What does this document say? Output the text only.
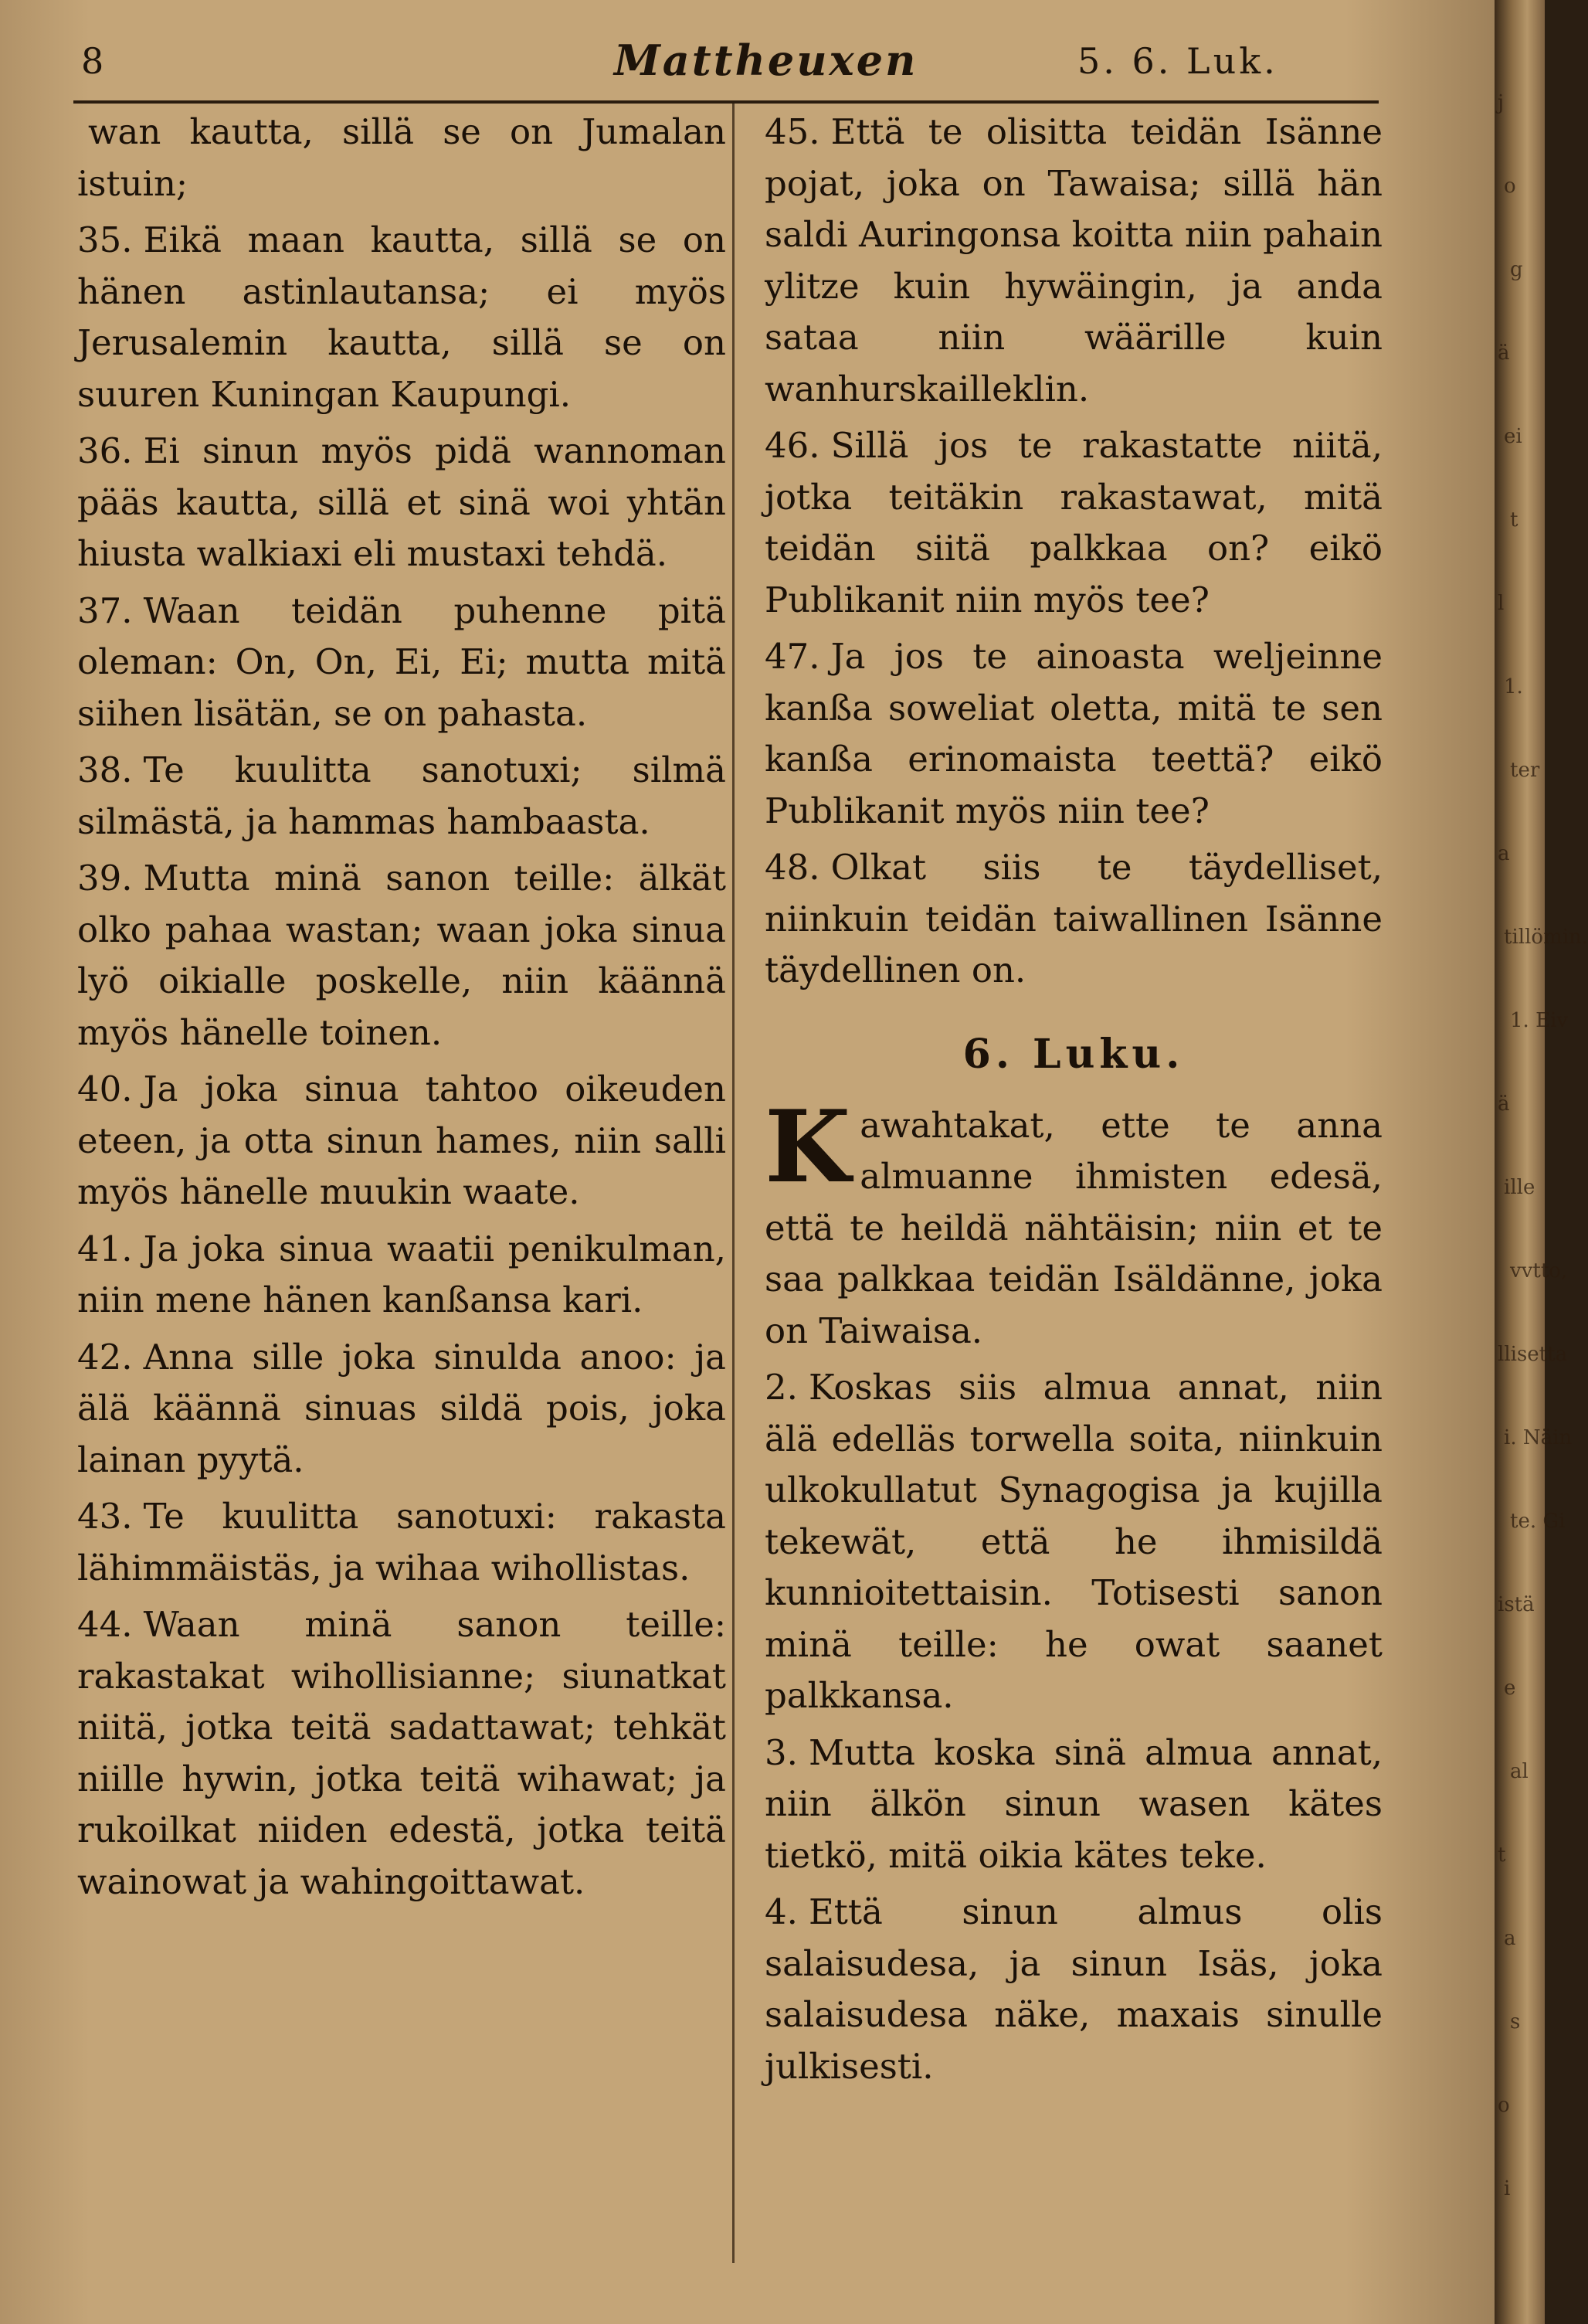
8	Mattheuxen	5. 6. Luk.

wan kautta, sillä se on Jumalan istuin;

35. Eikä maan kautta, sillä se on hänen astinlautansa; ei myös Jerusalemin kautta, sillä se on suuren Kuningan Kaupungi.

36. Ei sinun myös pidä wannoman pääs kautta, sillä et sinä woi yhtän hiusta walkiaxi eli mustaxi tehdä.

37. Waan teidän puhenne pitä oleman: On, On, Ei, Ei; mutta mitä siihen lisätän, se on pahasta.

38. Te kuulitta sanotuxi; silmä silmästä, ja hammas hambaasta.

39. Mutta minä sanon teille: älkät olko pahaa wastan; waan joka sinua lyö oikialle poskelle, niin käännä myös hänelle toinen.

40. Ja joka sinua tahtoo oikeuden eteen, ja otta sinun hames, niin salli myös hänelle muukin waate.

41. Ja joka sinua waatii penikulman, niin mene hänen kanßansa kari.

42. Anna sille joka sinulda anoo: ja älä käännä sinuas sildä pois, joka lainan pyytä.

43. Te kuulitta sanotuxi: rakasta lähimmäistäs, ja wihaa wihollistas.

44. Waan minä sanon teille: rakastakat wihollisianne; siunatkat niitä, jotka teitä sadattawat; tehkät niille hywin, jotka teitä wihawat; ja rukoilkat niiden edestä, jotka teitä wainowat ja wahingoittawat.

45. Että te olisitta teidän Isänne pojat, joka on Tawaisa; sillä hän saldi Auringonsa koitta niin pahain ylitze kuin hywäingin, ja anda sataa niin wäärille kuin wanhurskailleklin.

46. Sillä jos te rakastatte niitä, jotka teitäkin rakastawat, mitä teidän siitä palkkaa on? eikö Publikanit niin myös tee?

47. Ja jos te ainoasta weljeinne kanßa soweliat oletta, mitä te sen kanßa erinomaista teettä? eikö Publikanit myös niin tee?

48. Olkat siis te täydelliset, niinkuin teidän taiwallinen Isänne täydellinen on.

6. Luku.

Kawahtakat, ette te anna almuanne ihmisten edesä, että te heildä nähtäisin; niin et te saa palkkaa teidän Isäldänne, joka on Taiwaisa.

2. Koskas siis almua annat, niin älä edelläs torwella soita, niinkuin ulkokullatut Synagogisa ja kujilla tekewät, että he ihmisildä kunnioitettaisin. Totisesti sanon minä teille: he owat saanet palkkansa.

3. Mutta koska sinä almua annat, niin älkön sinun wasen kätes tietkö, mitä oikia kätes teke.

4. Että sinun almus olis salaisudesa, ja sinun Isäs, joka salaisudesa näke, maxais sinulle julkisesti.

j
o
g
ä
ei
t
l
1.
ter
a
tillömin.
1. Eiv
ä
ille
vvtto,
llisetta
i. Näin
te. Gi
istä
e
al
t
a
s
o
i
